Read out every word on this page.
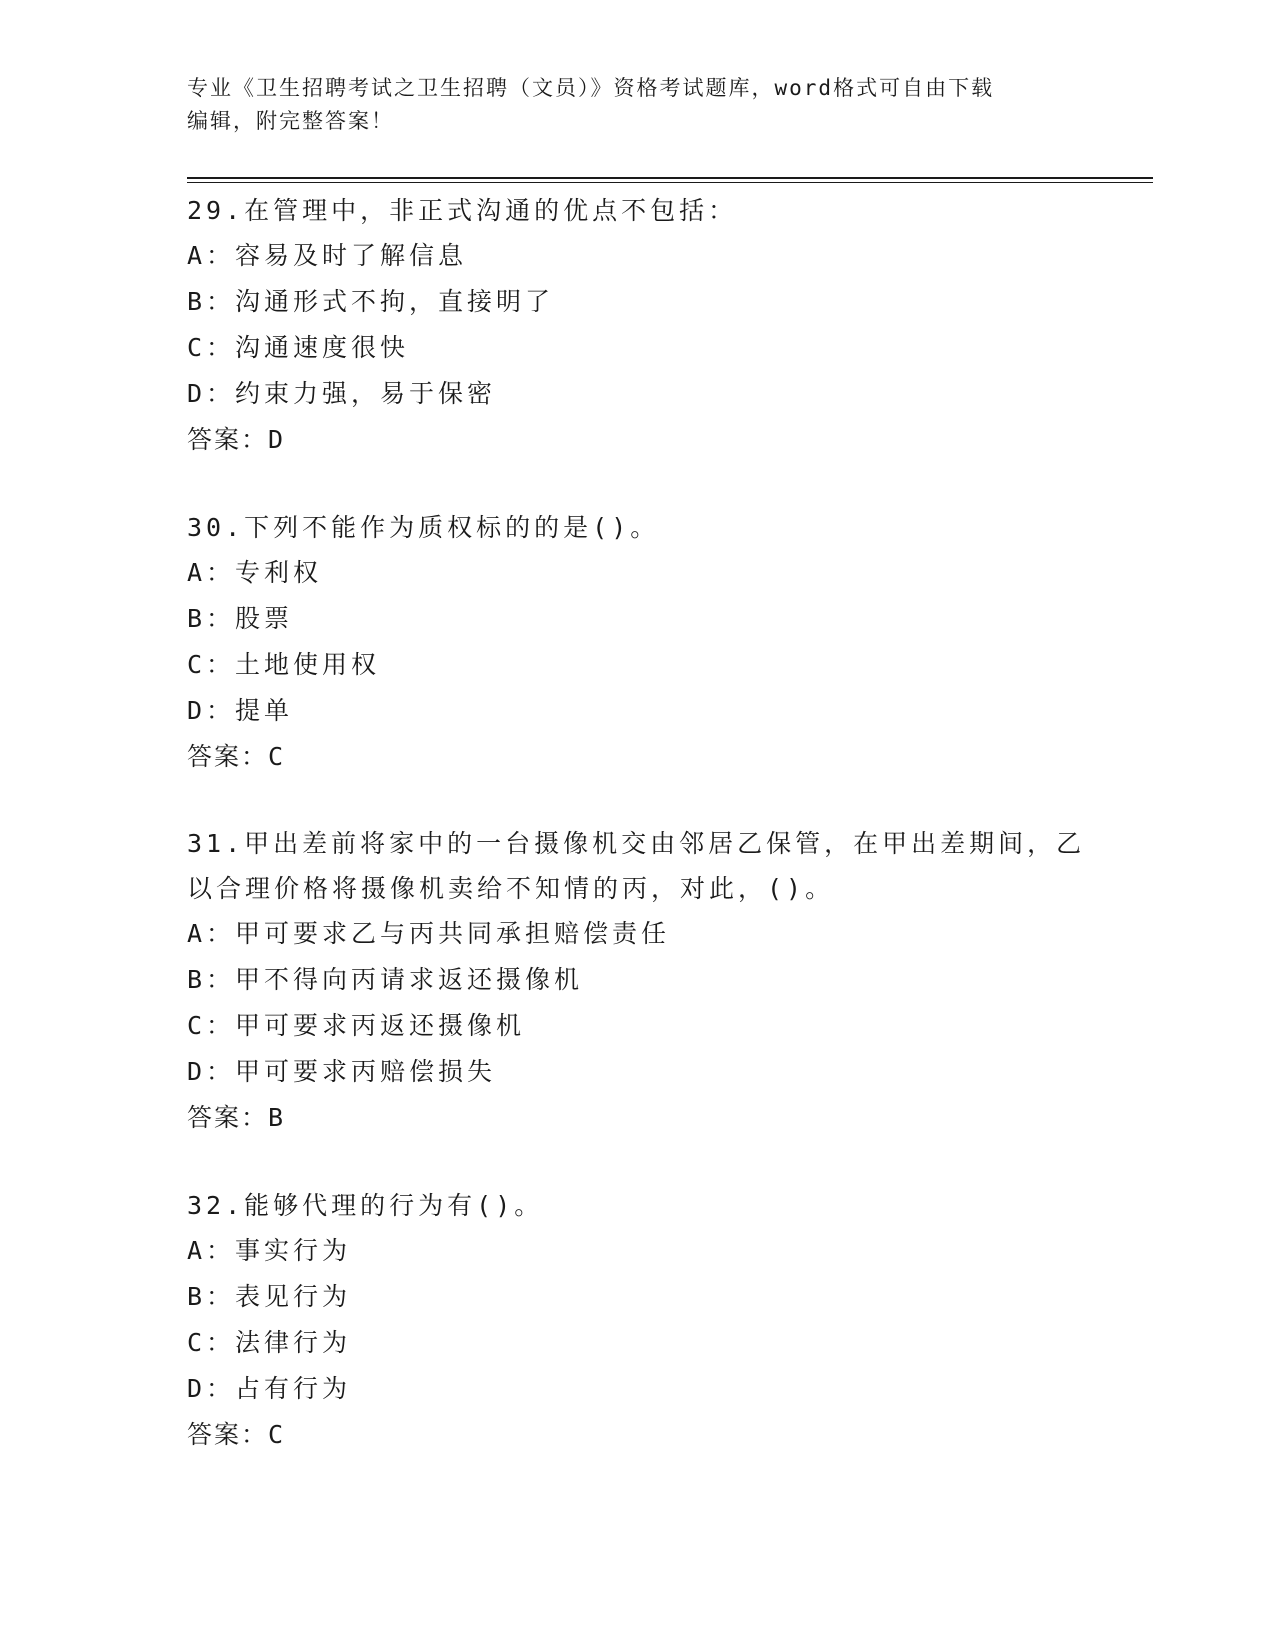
专业《卫生招聘考试之卫生招聘（文员）》资格考试题库，word格式可自由下载
编辑，附完整答案！
29.在管理中，非正式沟通的优点不包括：
A：容易及时了解信息
B：沟通形式不拘，直接明了
C：沟通速度很快
D：约束力强，易于保密
答案：D
30.下列不能作为质权标的的是()。
A：专利权
B：股票
C：土地使用权
D：提单
答案：C
31.甲出差前将家中的一台摄像机交由邻居乙保管，在甲出差期间，乙
以合理价格将摄像机卖给不知情的丙，对此，()。
A：甲可要求乙与丙共同承担赔偿责任
B：甲不得向丙请求返还摄像机
C：甲可要求丙返还摄像机
D：甲可要求丙赔偿损失
答案：B
32.能够代理的行为有()。
A：事实行为
B：表见行为
C：法律行为
D：占有行为
答案：C
